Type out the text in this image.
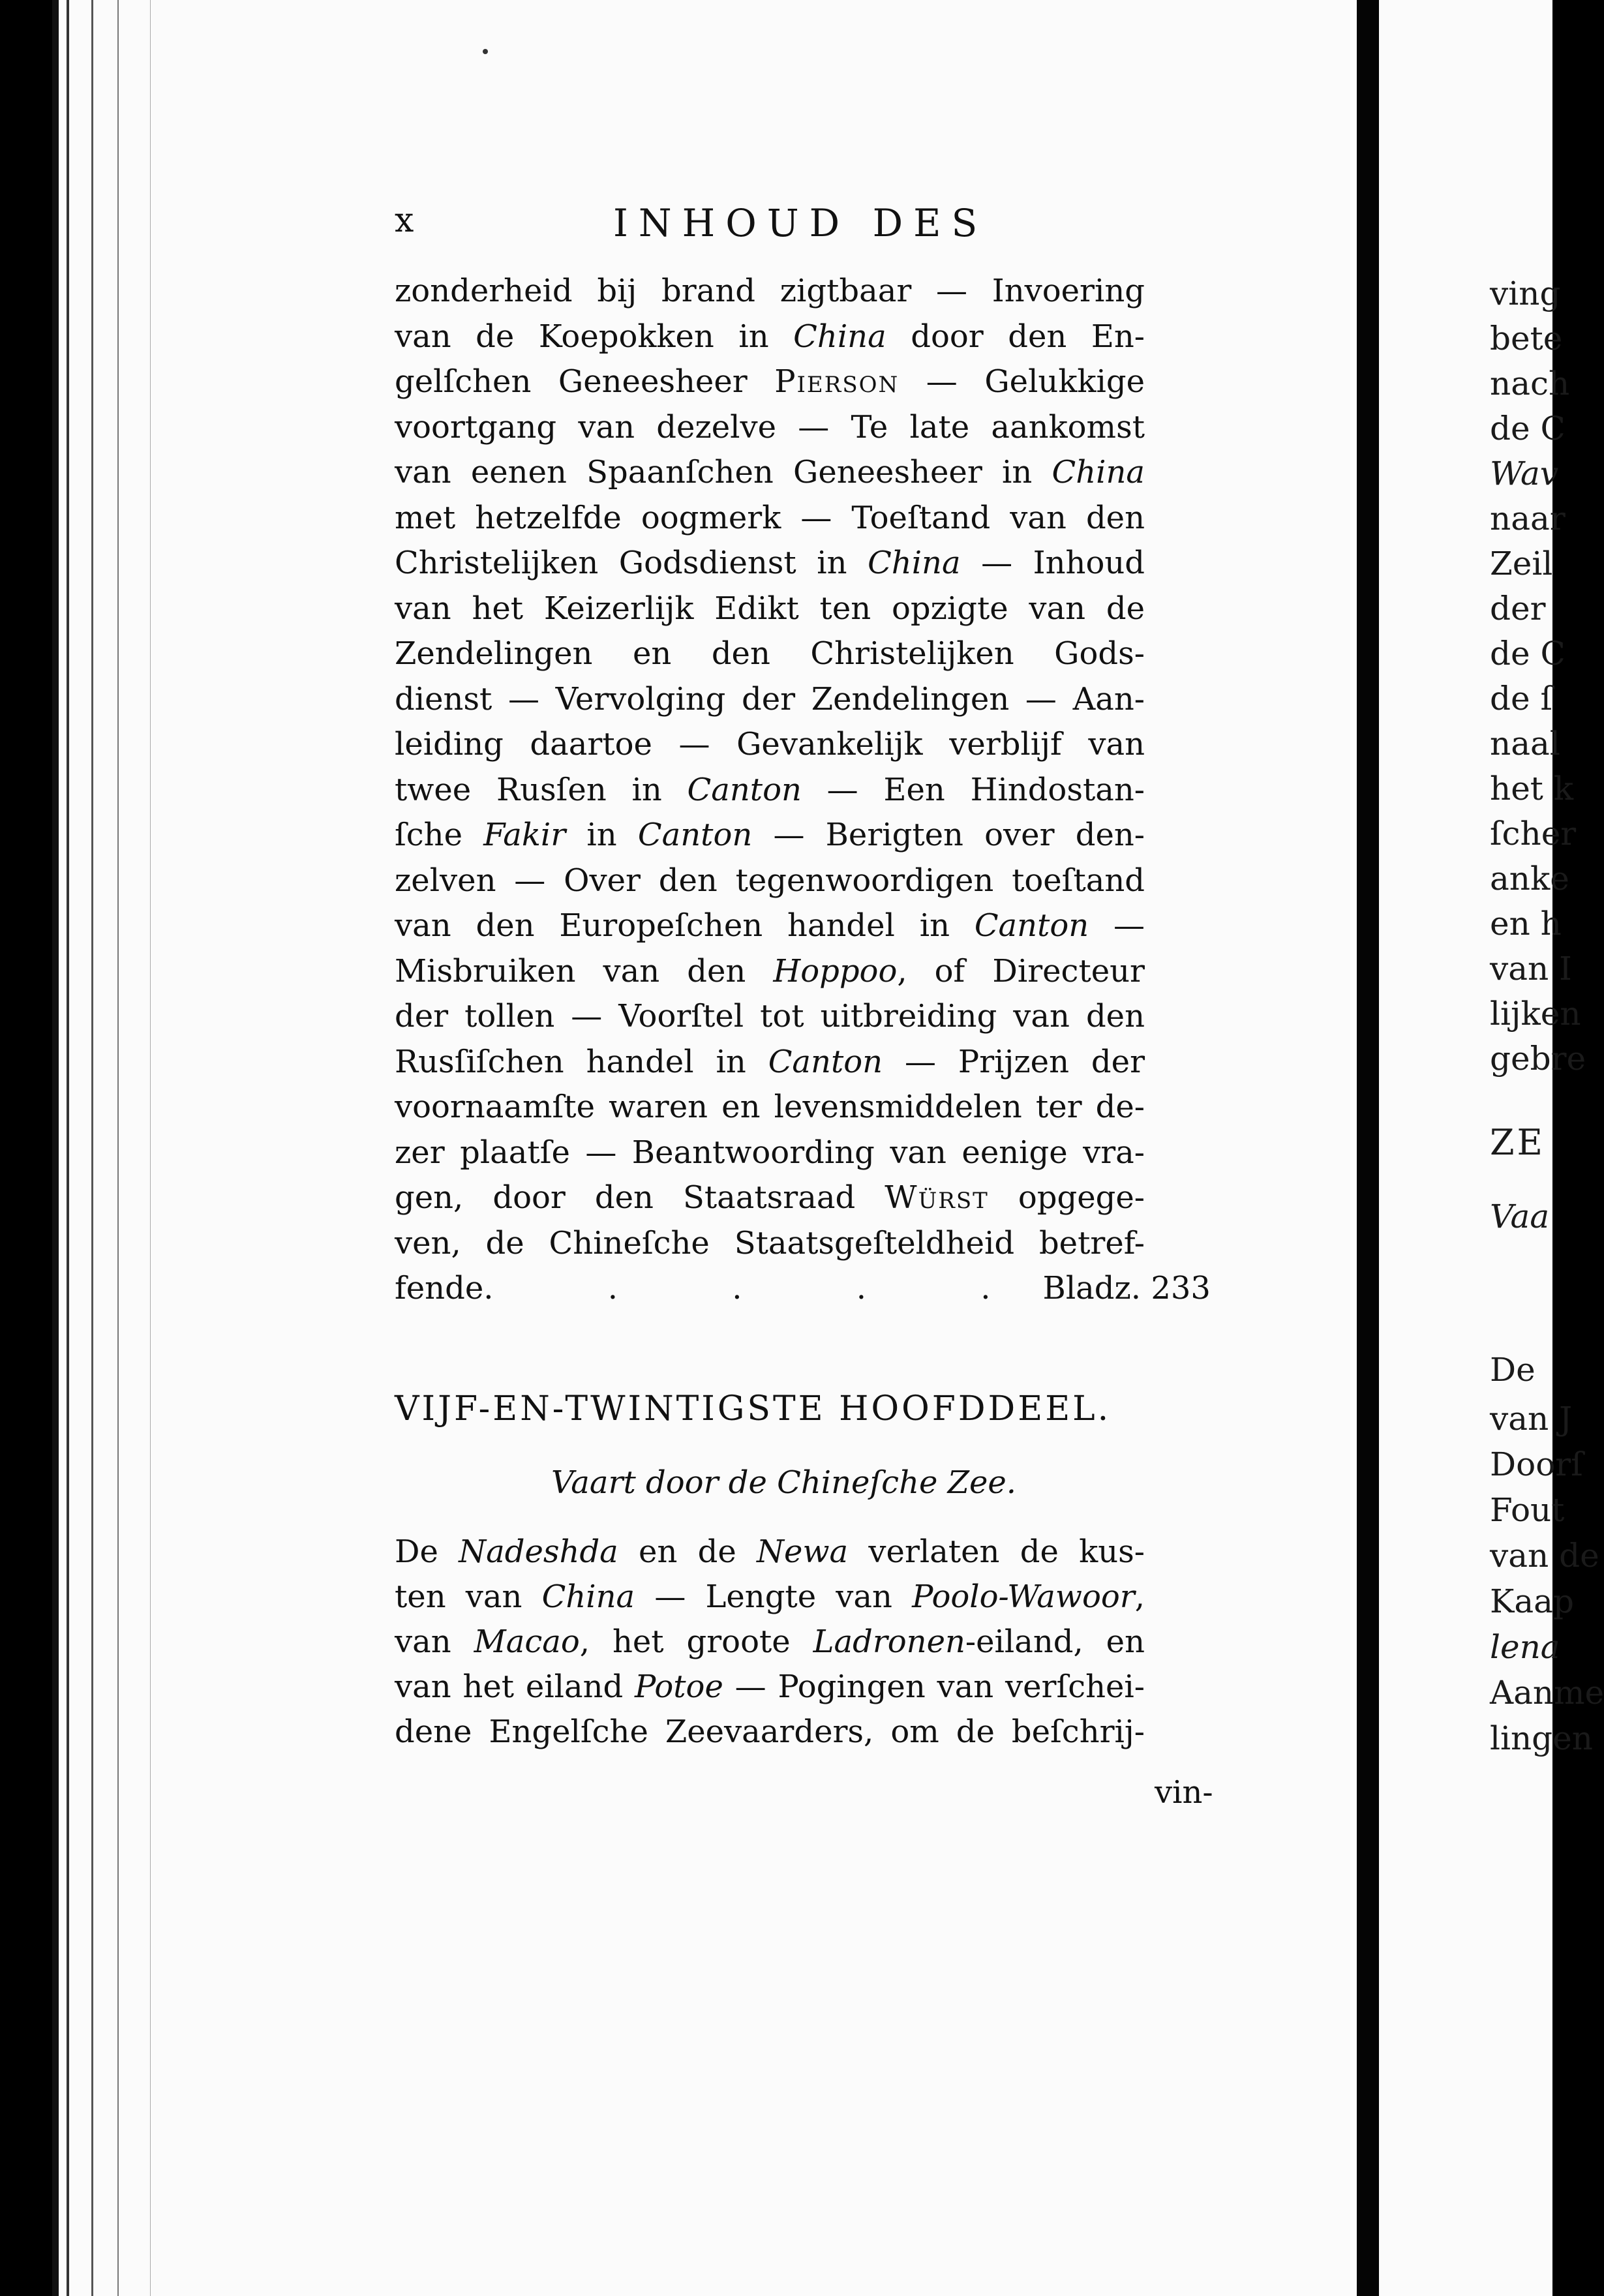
x	INHOUD DES
zonderheid bij brand zigtbaar — Invoering
van de Koepokken in China door den En-
gelſchen Geneesheer Pierson — Gelukkige
voortgang van dezelve — Te late aankomst
van eenen Spaanſchen Geneesheer in China
met hetzelfde oogmerk — Toeſtand van den
Christelijken Godsdienst in China — Inhoud
van het Keizerlijk Edikt ten opzigte van de
Zendelingen en den Christelijken Gods-
dienst — Vervolging der Zendelingen — Aan-
leiding daartoe — Gevankelijk verblijf van
twee Rusſen in Canton — Een Hindostan-
ſche Fakir in Canton — Berigten over den-
zelven — Over den tegenwoordigen toeſtand
van den Europeſchen handel in Canton —
Misbruiken van den Hoppoo, of Directeur
der tollen — Voorſtel tot uitbreiding van den
Rusſiſchen handel in Canton — Prijzen der
voornaamſte waren en levensmiddelen ter de-
zer plaatſe — Beantwoording van eenige vra-
gen, door den Staatsraad Würst opgege-
ven, de Chineſche Staatsgeſteldheid betref-
fende . . . . . Bladz. 233
VIJF-EN-TWINTIGSTE HOOFDDEEL.
Vaart door de Chineſche Zee.
De Nadeshda en de Newa verlaten de kus-
ten van China — Lengte van Poolo-Wawoor,
van Macao, het groote Ladronen-eiland, en
van het eiland Potoe — Pogingen van verſchei-
dene Engelſche Zeevaarders, om de beſchrij-
vin-
ving
bete
nach
de C
Wav
naar
Zeil
der
de C
de ſ
naal
het k
ſcher
anke
en h
van I
lijken
gebre
ZE
Vaa
De
van J
Doorſ
Fout
van de
Kaap
lena
Aanme
lingen
